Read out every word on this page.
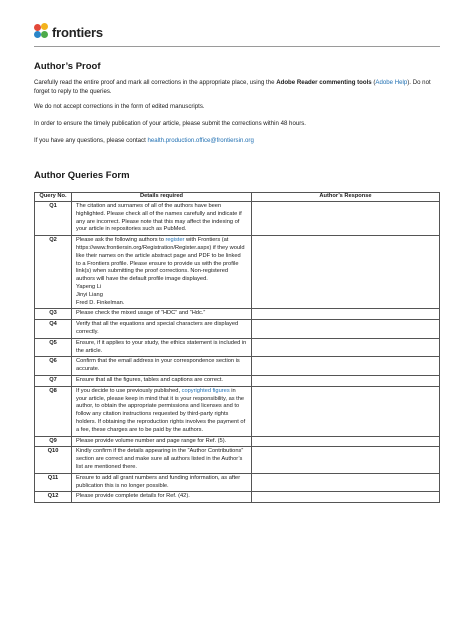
frontiers
Author’s Proof

Carefully read the entire proof and mark all corrections in the appropriate place, using the Adobe Reader commenting tools (Adobe Help). Do not forget to reply to the queries.

We do not accept corrections in the form of edited manuscripts.

In order to ensure the timely publication of your article, please submit the corrections within 48 hours.

If you have any questions, please contact health.production.office@frontiersin.org

Author Queries Form
Query No.	Details required	Author’s Response
Q1	The citation and surnames of all of the authors have been highlighted. Please check all of the names carefully and indicate if any are incorrect. Please note that this may affect the indexing of your article in repositories such as PubMed.	
Q2	Please ask the following authors to register with Frontiers (at https://www.frontiersin.org/Registration/Register.aspx) if they would like their names on the article abstract page and PDF to be linked to a Frontiers profile. Please ensure to provide us with the profile link(s) when submitting the proof corrections. Non-registered authors will have the default profile image displayed.
Yapeng Li
Jinyi Liang
Fred D. Finkelman.	
Q3	Please check the mixed usage of “HDC” and “Hdc.”	
Q4	Verify that all the equations and special characters are displayed correctly.	
Q5	Ensure, if it applies to your study, the ethics statement is included in the article.	
Q6	Confirm that the email address in your correspondence section is accurate.	
Q7	Ensure that all the figures, tables and captions are correct.	
Q8	If you decide to use previously published, copyrighted figures in your article, please keep in mind that it is your responsibility, as the author, to obtain the appropriate permissions and licenses and to follow any citation instructions requested by third-party rights holders. If obtaining the reproduction rights involves the payment of a fee, these charges are to be paid by the authors.	
Q9	Please provide volume number and page range for Ref. (5).	
Q10	Kindly confirm if the details appearing in the “Author Contributions” section are correct and make sure all authors listed in the Author’s list are mentioned there.	
Q11	Ensure to add all grant numbers and funding information, as after publication this is no longer possible.	
Q12	Please provide complete details for Ref. (42).	
